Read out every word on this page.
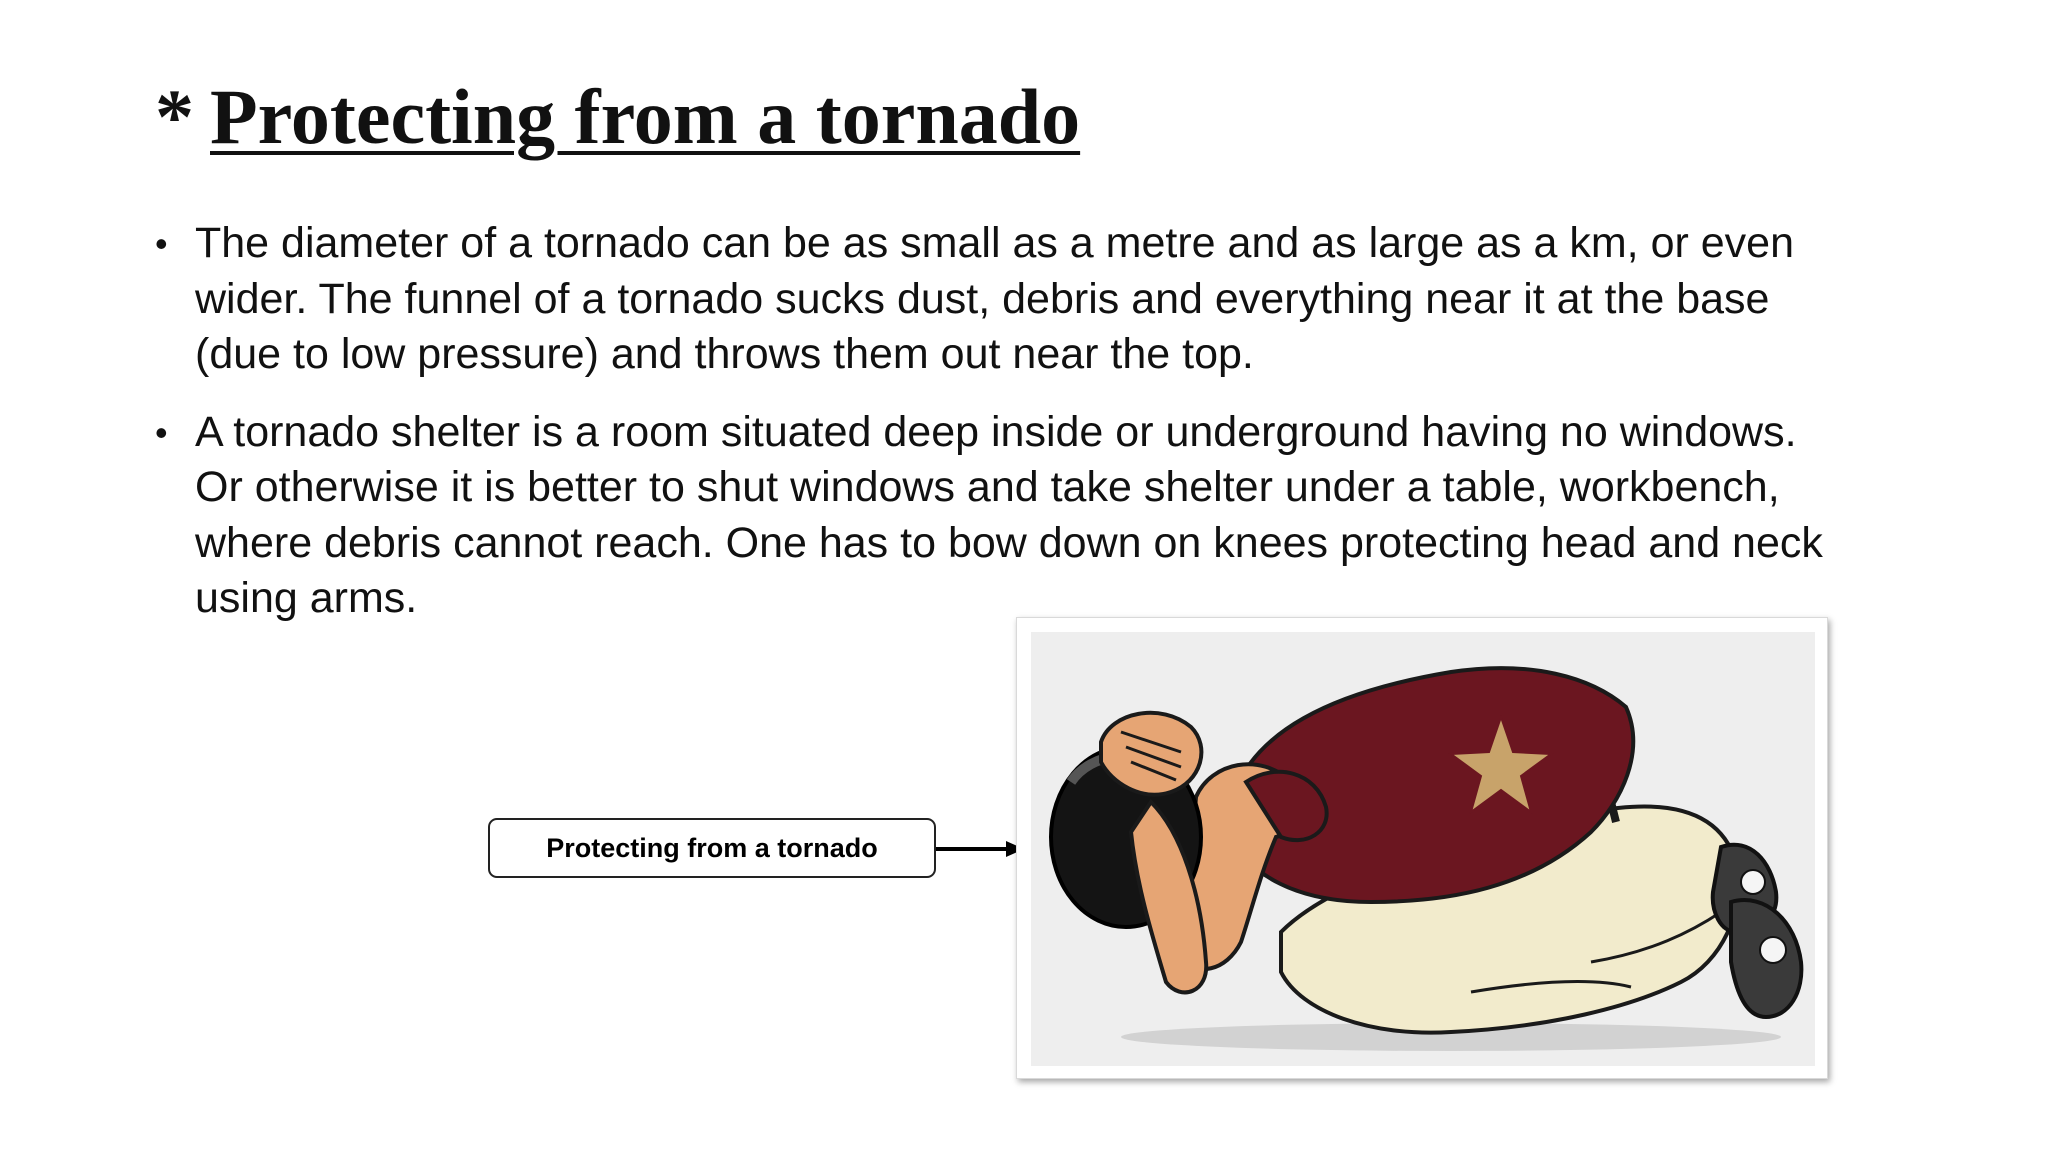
* Protecting from a tornado
• The diameter of a tornado can be as small as a metre and as large as a km, or even wider. The funnel of a tornado sucks dust, debris and everything near it at the base (due to low pressure) and throws them out near the top.
• A tornado shelter is a room situated deep inside or underground having no windows. Or otherwise it is better to shut windows and take shelter under a table, workbench, where debris cannot reach. One has to bow down on knees protecting head and neck using arms.
Protecting from a tornado
